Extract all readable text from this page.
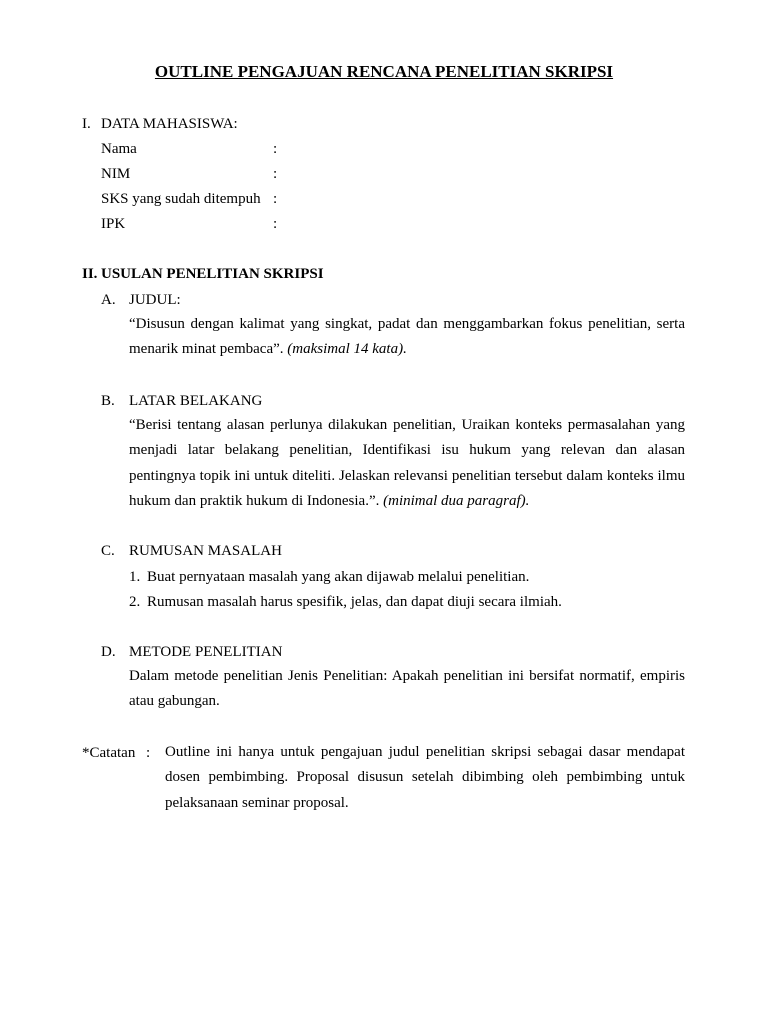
OUTLINE PENGAJUAN RENCANA PENELITIAN SKRIPSI
I. DATA MAHASISWA:
Nama	:
NIM	:
SKS yang sudah ditempuh :
IPK	:
II. USULAN PENELITIAN SKRIPSI
A. JUDUL:
“Disusun dengan kalimat yang singkat, padat dan menggambarkan fokus penelitian, serta menarik minat pembaca”. (maksimal 14 kata).
B. LATAR BELAKANG
“Berisi tentang alasan perlunya dilakukan penelitian, Uraikan konteks permasalahan yang menjadi latar belakang penelitian, Identifikasi isu hukum yang relevan dan alasan pentingnya topik ini untuk diteliti. Jelaskan relevansi penelitian tersebut dalam konteks ilmu hukum dan praktik hukum di Indonesia.”. (minimal dua paragraf).
C. RUMUSAN MASALAH
1. Buat pernyataan masalah yang akan dijawab melalui penelitian.
2. Rumusan masalah harus spesifik, jelas, dan dapat diuji secara ilmiah.
D. METODE PENELITIAN
Dalam metode penelitian Jenis Penelitian: Apakah penelitian ini bersifat normatif, empiris atau gabungan.
*Catatan : Outline ini hanya untuk pengajuan judul penelitian skripsi sebagai dasar mendapat dosen pembimbing. Proposal disusun setelah dibimbing oleh pembimbing untuk pelaksanaan seminar proposal.
